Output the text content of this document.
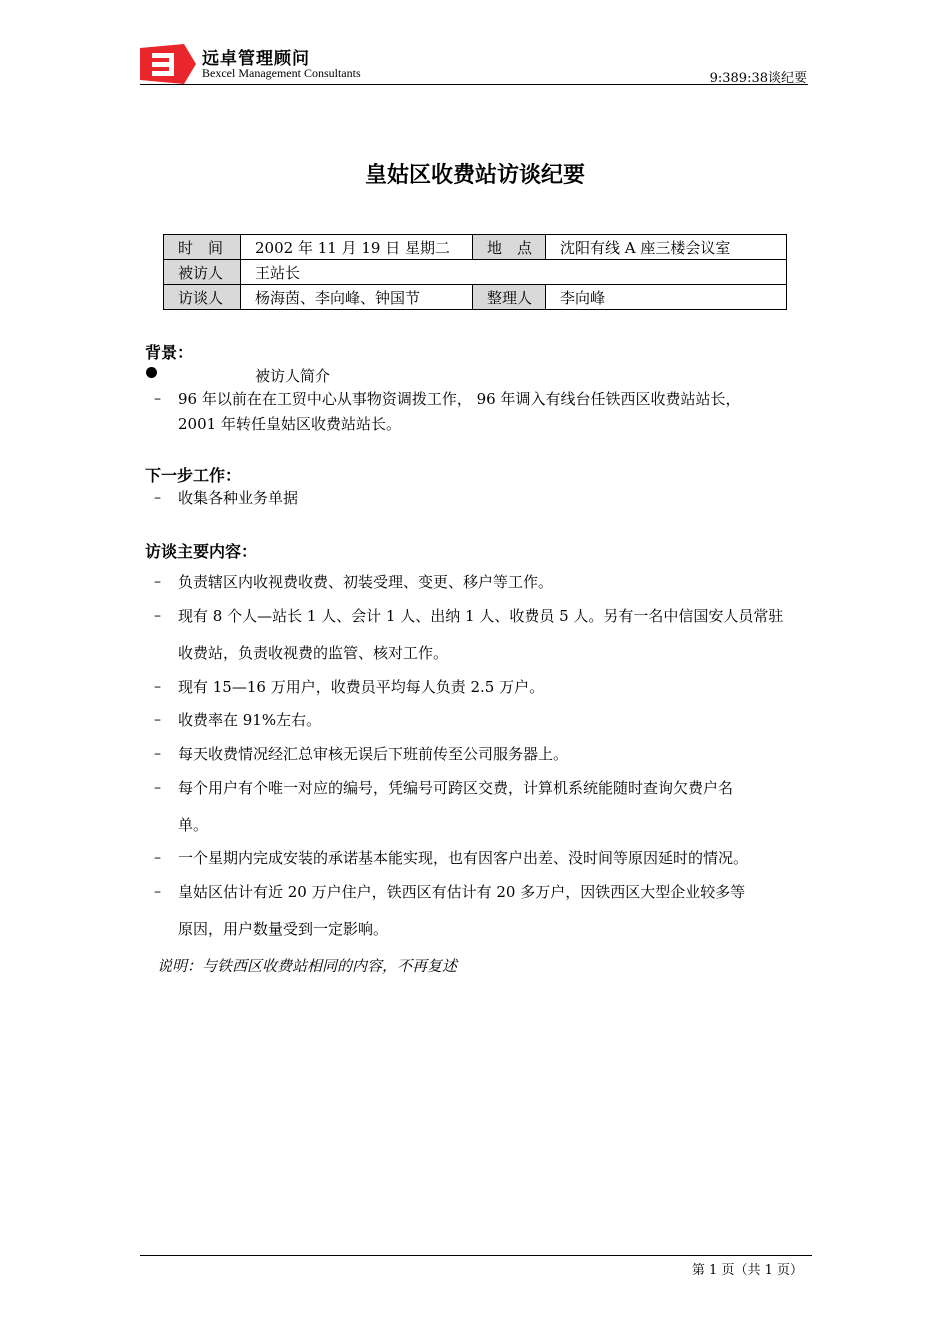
远卓管理顾问
Bexcel Management Consultants	9:389:38谈纪要
皇姑区收费站访谈纪要
时　间	2002 年 11 月 19 日 星期二	地　点	沈阳有线 A 座三楼会议室
被访人	王站长		
访谈人	杨海茵、李向峰、钟国节	整理人	李向峰
背景：
被访人简介
– 96 年以前在在工贸中心从事物资调拨工作， 96 年调入有线台任铁西区收费站站长，
2001 年转任皇姑区收费站站长。
下一步工作：
– 收集各种业务单据
访谈主要内容：
– 负责辖区内收视费收费、初装受理、变更、移户等工作。
– 现有 8 个人—站长 1 人、会计 1 人、出纳 1 人、收费员 5 人。另有一名中信国安人员常驻
收费站，负责收视费的监管、核对工作。
– 现有 15—16 万用户，收费员平均每人负责 2.5 万户。
– 收费率在 91%左右。
– 每天收费情况经汇总审核无误后下班前传至公司服务器上。
– 每个用户有个唯一对应的编号，凭编号可跨区交费，计算机系统能随时查询欠费户名
单。
– 一个星期内完成安装的承诺基本能实现，也有因客户出差、没时间等原因延时的情况。
– 皇姑区估计有近 20 万户住户，铁西区有估计有 20 多万户，因铁西区大型企业较多等
原因，用户数量受到一定影响。
说明：与铁西区收费站相同的内容，不再复述
第 1 页（共 1 页）
